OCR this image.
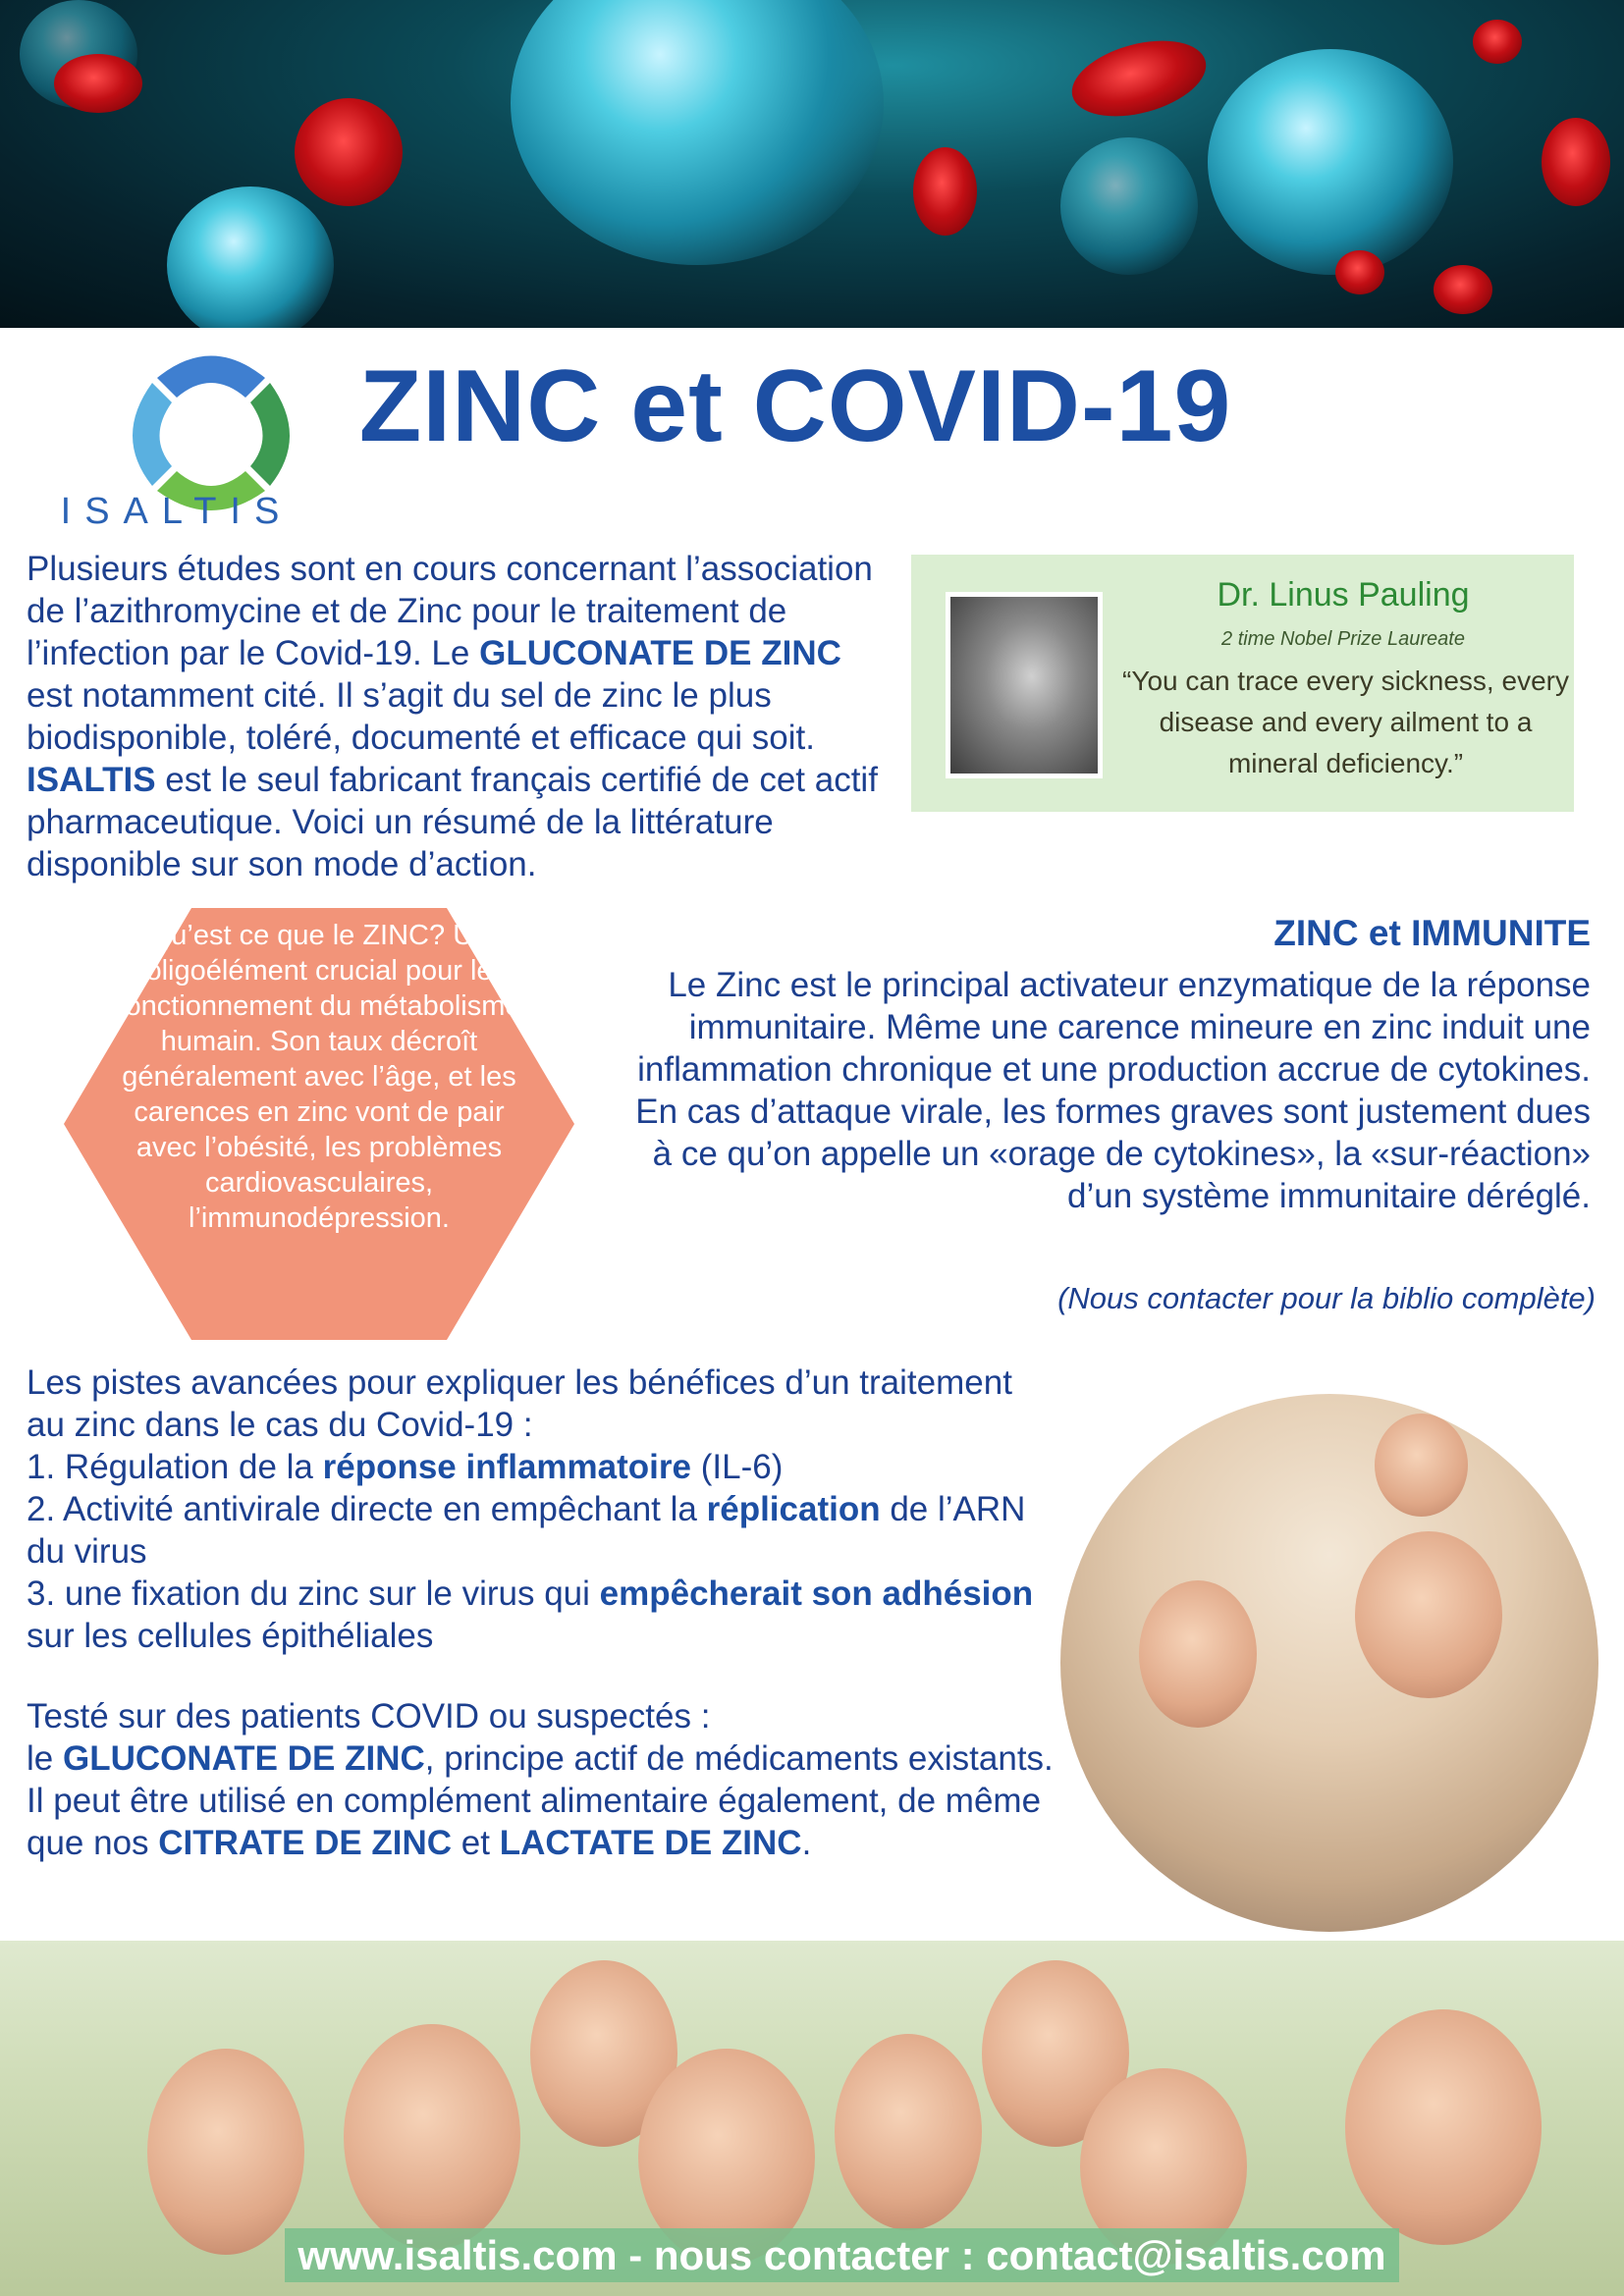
ISALTIS
ZINC et COVID-19
Plusieurs études sont en cours concernant l’association de l’azithromycine et de Zinc pour le traitement de l’infection par le Covid-19. Le GLUCONATE DE ZINC est notamment cité. Il s’agit du sel de zinc le plus biodisponible, toléré, documenté et efficace qui soit. ISALTIS est le seul fabricant français certifié de cet actif pharmaceutique. Voici un résumé de la littérature disponible sur son mode d’action.
Dr. Linus Pauling
2 time Nobel Prize Laureate
“You can trace every sickness, every disease and every ailment to a mineral deficiency.”
Qu’est ce que le ZINC? Un oligoélément crucial pour le fonctionnement du métabolisme humain. Son taux décroît généralement avec l’âge, et les carences en zinc vont de pair avec l’obésité, les problèmes cardiovasculaires, l’immunodépression.
ZINC et IMMUNITE
Le Zinc est le principal activateur enzymatique de la réponse immunitaire. Même une carence mineure en zinc induit une inflammation chronique et une production accrue de cytokines. En cas d’attaque virale, les formes graves sont justement dues à ce qu’on appelle un «orage de cytokines», la «sur-réaction» d’un système immunitaire déréglé.
(Nous contacter pour la biblio complète)
Les pistes avancées pour expliquer les bénéfices d’un traitement au zinc dans le cas du Covid-19 :
1. Régulation de la réponse inflammatoire (IL-6)
2. Activité antivirale directe en empêchant la réplication de l’ARN du virus
3. une fixation du zinc sur le virus qui empêcherait son adhésion sur les cellules épithéliales
Testé sur des patients COVID ou suspectés :
le GLUCONATE DE ZINC, principe actif de médicaments existants.
Il peut être utilisé en complément alimentaire également, de même que nos CITRATE DE ZINC et LACTATE DE ZINC.
www.isaltis.com - nous contacter : contact@isaltis.com
